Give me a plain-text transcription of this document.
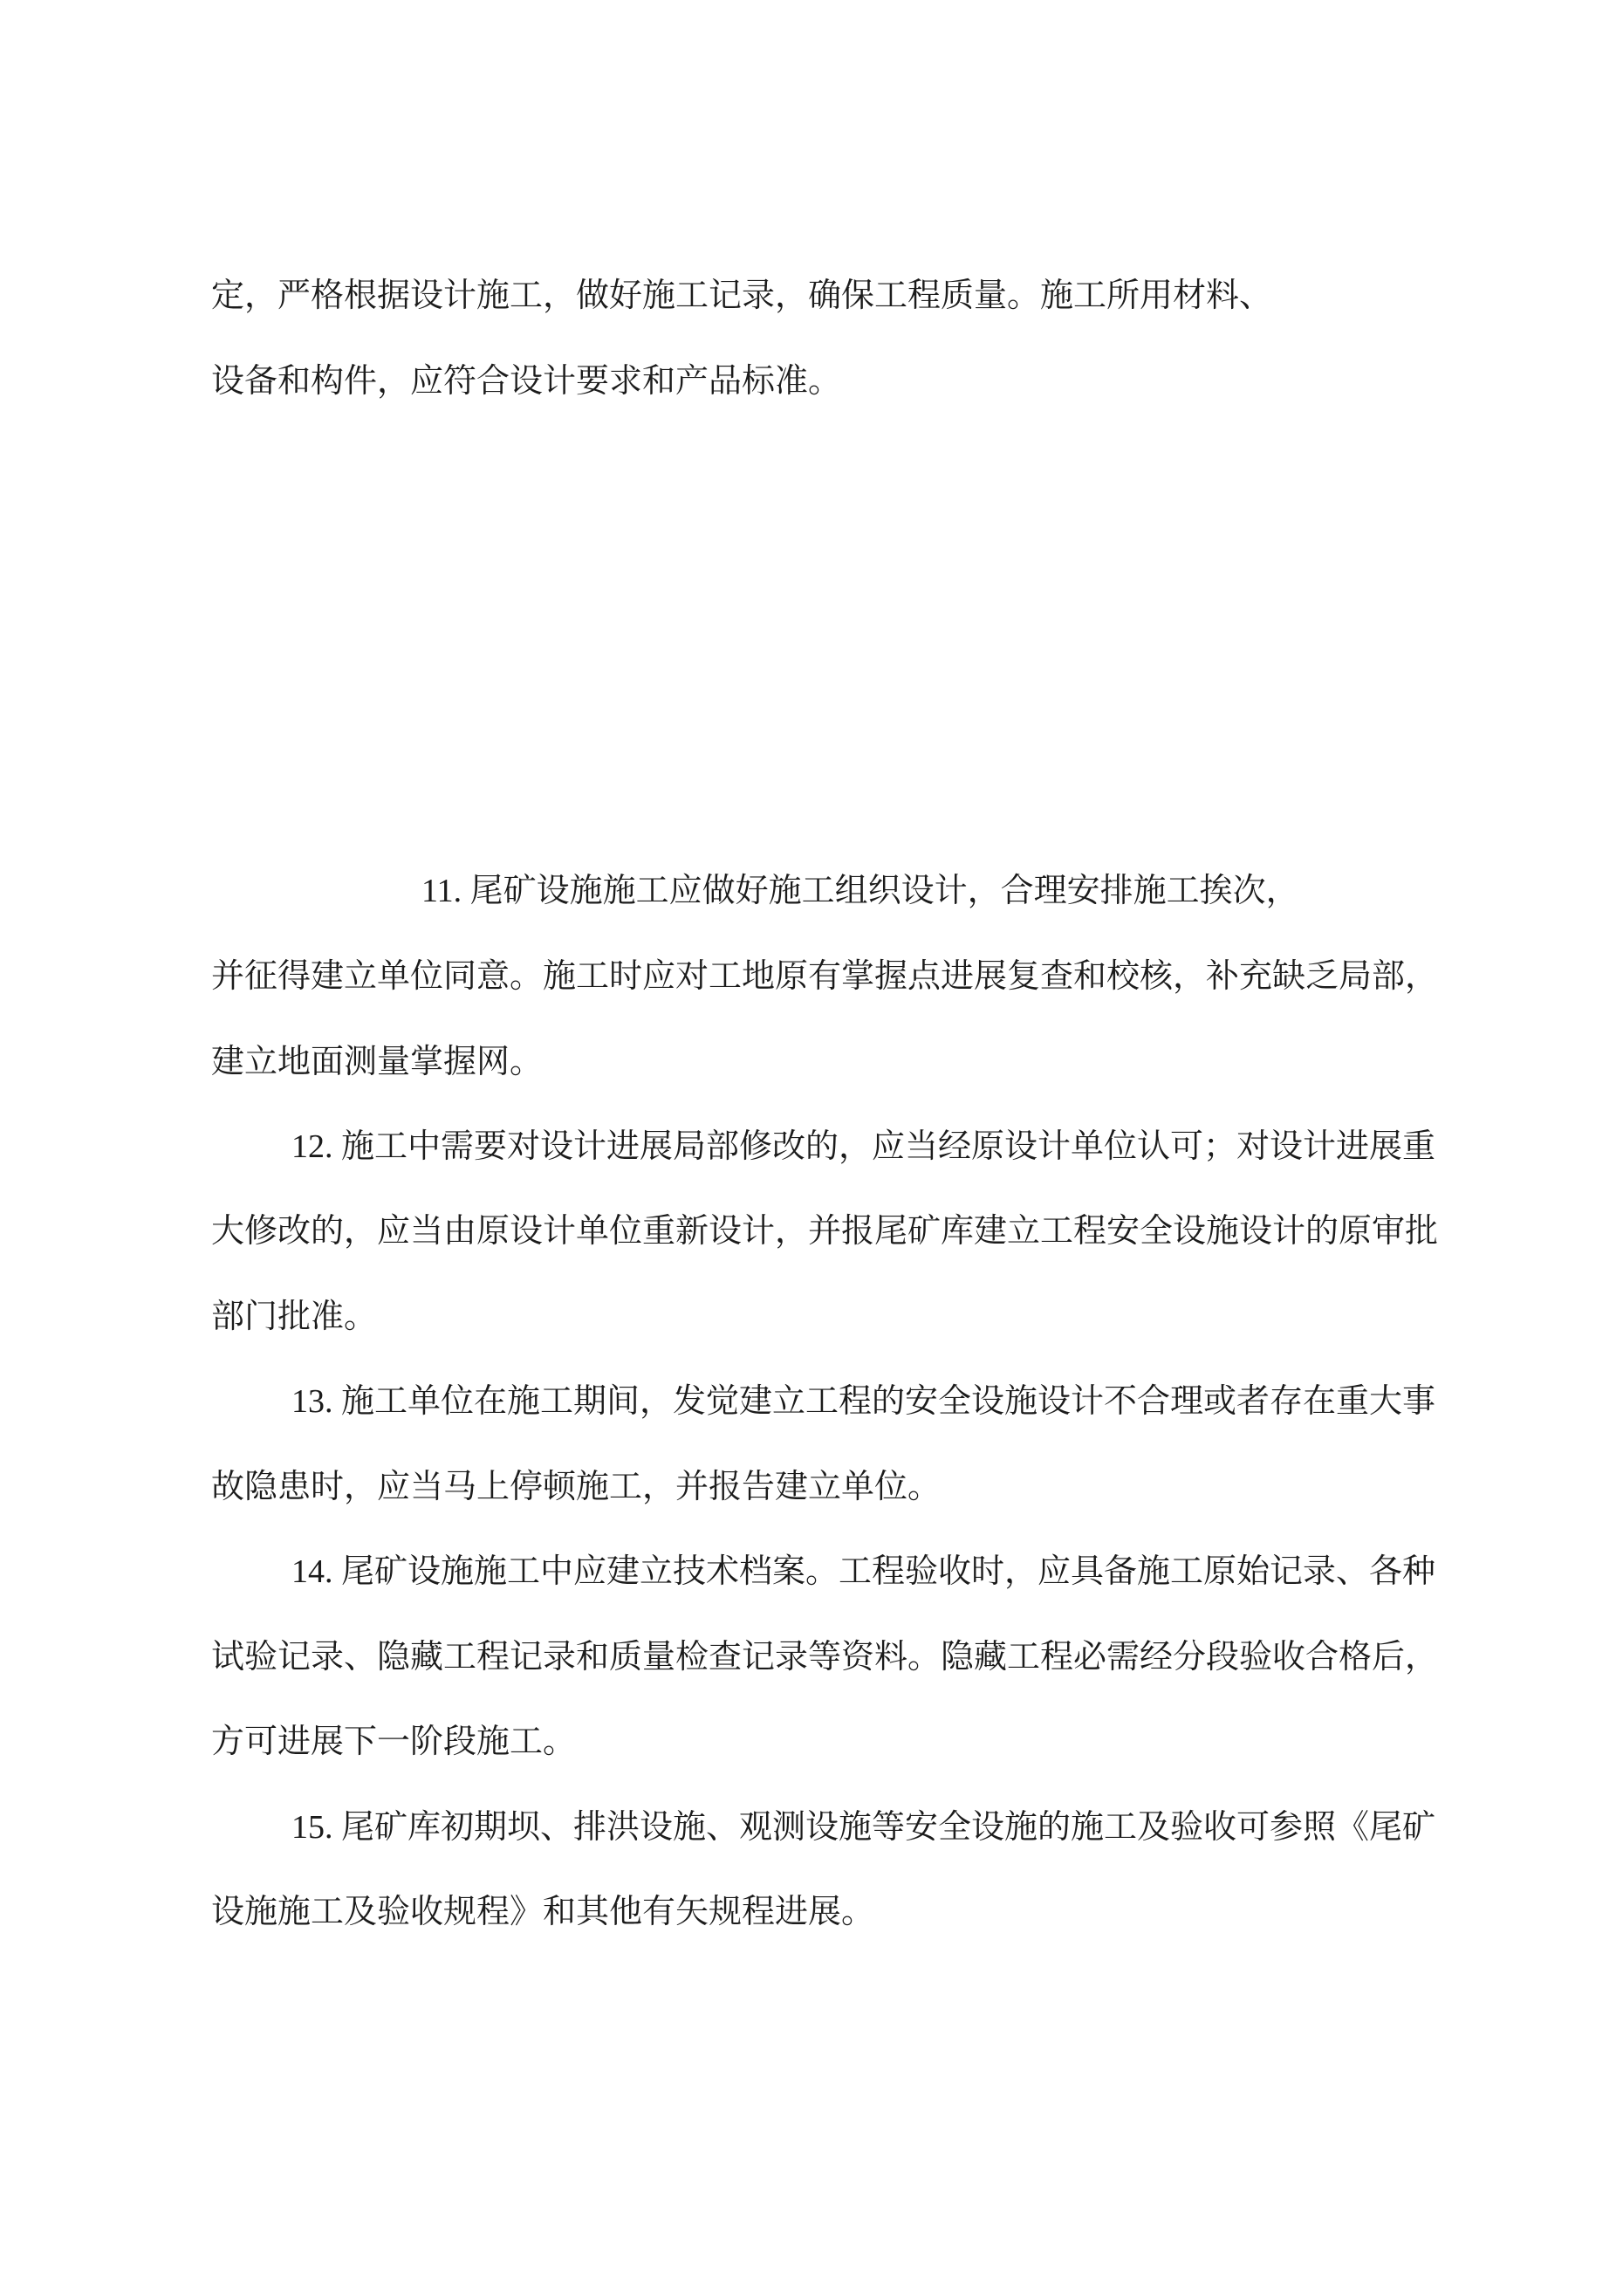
定，严格根据设计施工，做好施工记录，确保工程质量。施工所用材料、
设备和构件，应符合设计要求和产品标准。
11. 尾矿设施施工应做好施工组织设计，合理安排施工挨次，
并征得建立单位同意。施工时应对工地原有掌握点进展复查和校核，补充缺乏局部，
建立地面测量掌握网。
12. 施工中需要对设计进展局部修改的，应当经原设计单位认可；对设计进展重
大修改的，应当由原设计单位重新设计，并报尾矿库建立工程安全设施设计的原审批
部门批准。
13. 施工单位在施工期间，发觉建立工程的安全设施设计不合理或者存在重大事
故隐患时，应当马上停顿施工，并报告建立单位。
14. 尾矿设施施工中应建立技术档案。工程验收时，应具备施工原始记录、各种
试验记录、隐藏工程记录和质量检查记录等资料。隐藏工程必需经分段验收合格后，
方可进展下一阶段施工。
15. 尾矿库初期坝、排洪设施、观测设施等安全设施的施工及验收可参照《尾矿
设施施工及验收规程》和其他有矢规程进展。
